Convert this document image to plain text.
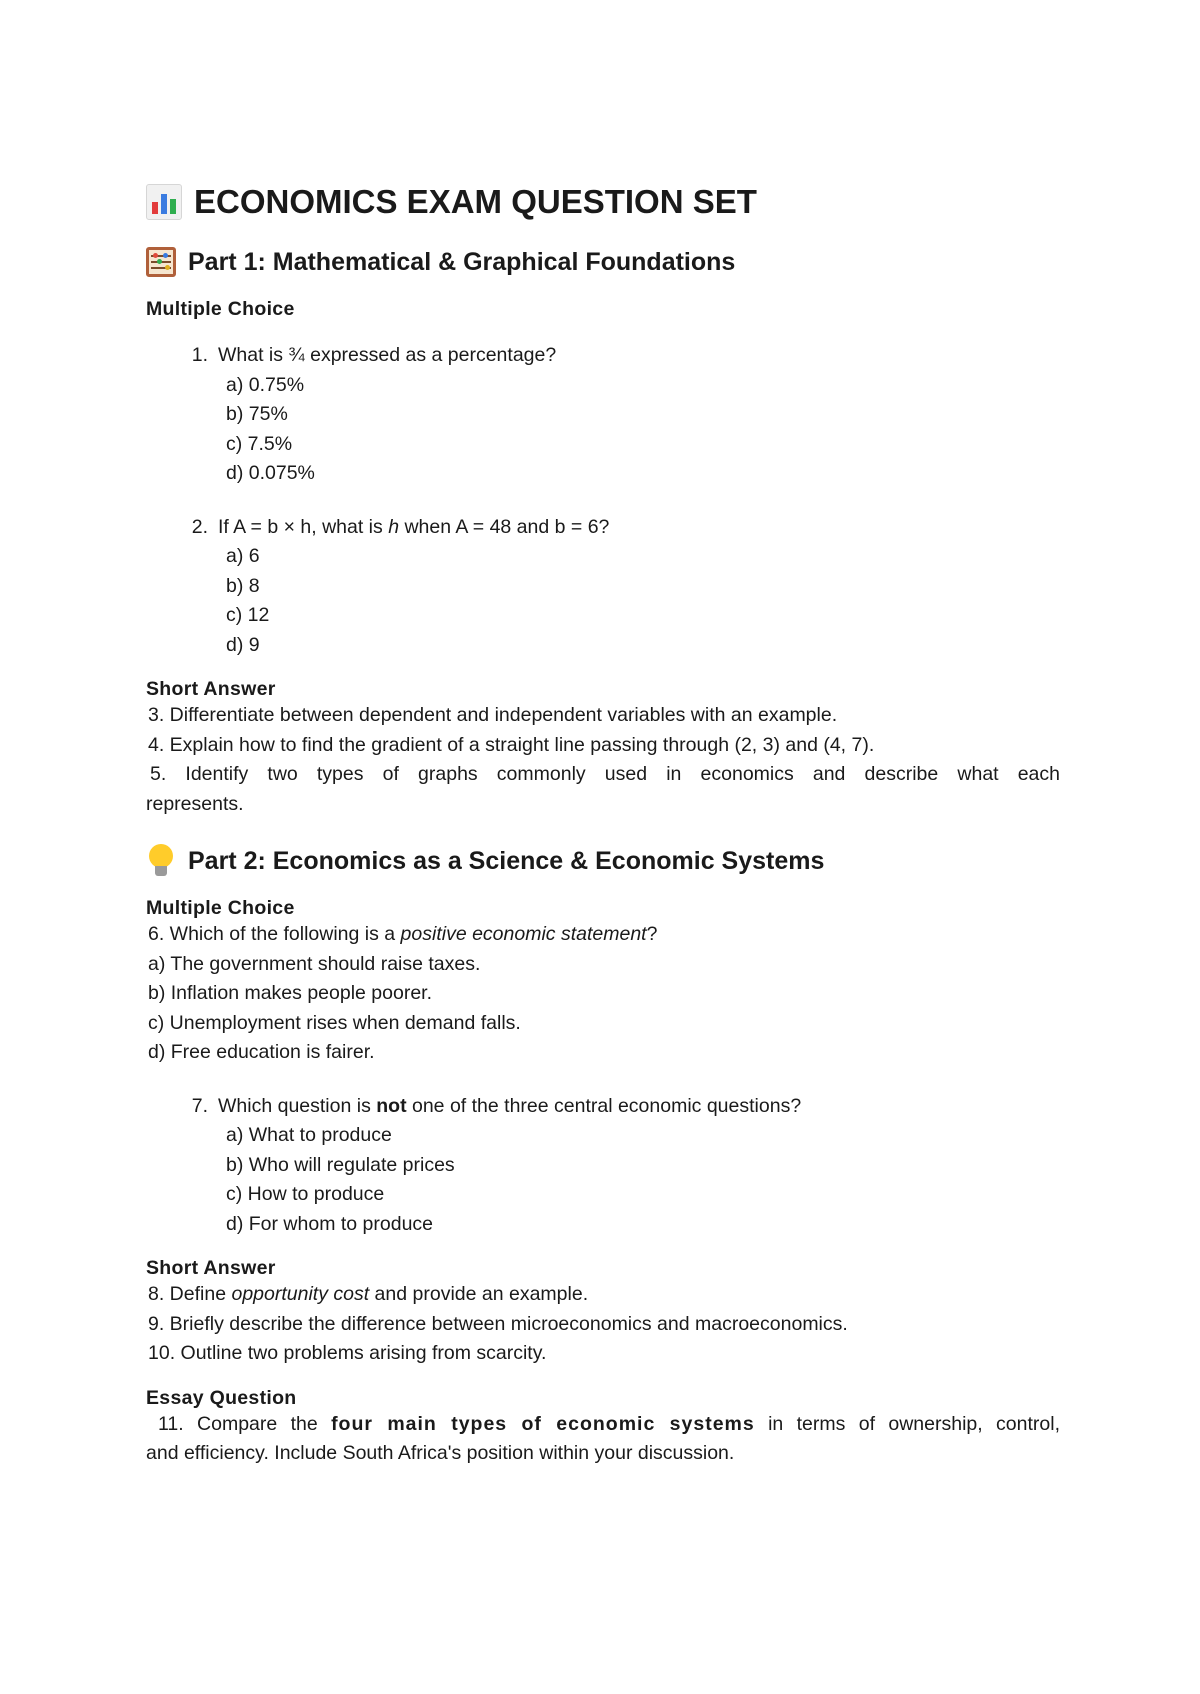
ECONOMICS EXAM QUESTION SET
Part 1: Mathematical & Graphical Foundations
Multiple Choice
1. What is ¾ expressed as a percentage?
a) 0.75%
b) 75%
c) 7.5%
d) 0.075%
2. If A = b × h, what is h when A = 48 and b = 6?
a) 6
b) 8
c) 12
d) 9
Short Answer
3. Differentiate between dependent and independent variables with an example.
4. Explain how to find the gradient of a straight line passing through (2, 3) and (4, 7).
5. Identify two types of graphs commonly used in economics and describe what each
represents.
Part 2: Economics as a Science & Economic Systems
Multiple Choice
6. Which of the following is a positive economic statement?
a) The government should raise taxes.
b) Inflation makes people poorer.
c) Unemployment rises when demand falls.
d) Free education is fairer.
7. Which question is not one of the three central economic questions?
a) What to produce
b) Who will regulate prices
c) How to produce
d) For whom to produce
Short Answer
8. Define opportunity cost and provide an example.
9. Briefly describe the difference between microeconomics and macroeconomics.
10. Outline two problems arising from scarcity.
Essay Question
11. Compare the four main types of economic systems in terms of ownership, control,
and efficiency. Include South Africa's position within your discussion.
